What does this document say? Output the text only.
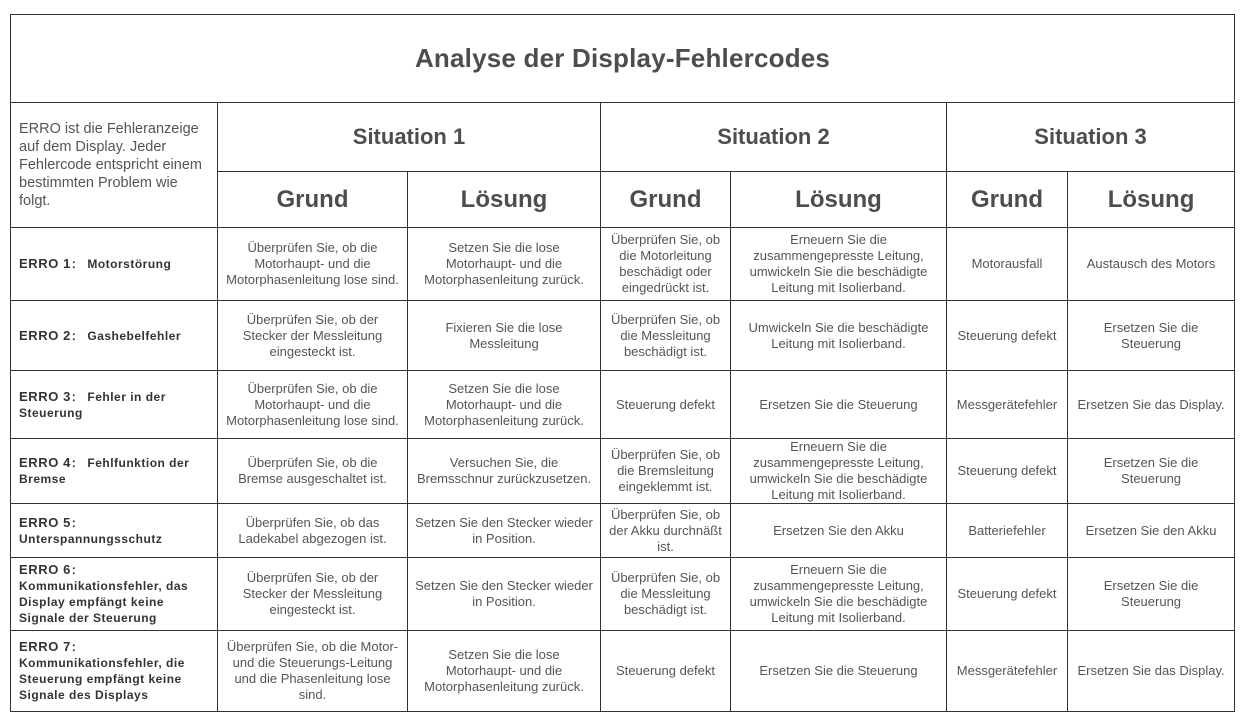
Analyse der Display-Fehlercodes						
ERRO ist die Fehleranzeige auf dem Display. Jeder Fehlercode entspricht einem bestimmten Problem wie folgt.	Situation 1		Situation 2		Situation 3	
	Grund	Lösung	Grund	Lösung	Grund	Lösung
ERRO 1： Motorstörung	Überprüfen Sie, ob die Motorhaupt- und die Motorphasenleitung lose sind.	Setzen Sie die lose Motorhaupt- und die Motorphasenleitung zurück.	Überprüfen Sie, ob die Motorleitung beschädigt oder eingedrückt ist.	Erneuern Sie die zusammengepresste Leitung, umwickeln Sie die beschädigte Leitung mit Isolierband.	Motorausfall	Austausch des Motors
ERRO 2： Gashebelfehler	Überprüfen Sie, ob der Stecker der Messleitung eingesteckt ist.	Fixieren Sie die lose Messleitung	Überprüfen Sie, ob die Messleitung beschädigt ist.	Umwickeln Sie die beschädigte Leitung mit Isolierband.	Steuerung defekt	Ersetzen Sie die Steuerung
ERRO 3： Fehler in der Steuerung	Überprüfen Sie, ob die Motorhaupt- und die Motorphasenleitung lose sind.	Setzen Sie die lose Motorhaupt- und die Motorphasenleitung zurück.	Steuerung defekt	Ersetzen Sie die Steuerung	Messgerätefehler	Ersetzen Sie das Display.
ERRO 4： Fehlfunktion der Bremse	Überprüfen Sie, ob die Bremse ausgeschaltet ist.	Versuchen Sie, die Bremsschnur zurückzusetzen.	Überprüfen Sie, ob die Bremsleitung eingeklemmt ist.	Erneuern Sie die zusammengepresste Leitung, umwickeln Sie die beschädigte Leitung mit Isolierband.	Steuerung defekt	Ersetzen Sie die Steuerung
ERRO 5： Unterspannungsschutz	Überprüfen Sie, ob das Ladekabel abgezogen ist.	Setzen Sie den Stecker wieder in Position.	Überprüfen Sie, ob der Akku durchnäßt ist.	Ersetzen Sie den Akku	Batteriefehler	Ersetzen Sie den Akku
ERRO 6： Kommunikationsfehler, das Display empfängt keine Signale der Steuerung	Überprüfen Sie, ob der Stecker der Messleitung eingesteckt ist.	Setzen Sie den Stecker wieder in Position.	Überprüfen Sie, ob die Messleitung beschädigt ist.	Erneuern Sie die zusammengepresste Leitung, umwickeln Sie die beschädigte Leitung mit Isolierband.	Steuerung defekt	Ersetzen Sie die Steuerung
ERRO 7： Kommunikationsfehler, die Steuerung empfängt keine Signale des Displays	Überprüfen Sie, ob die Motor- und die Steuerungs-Leitung und die Phasenleitung lose sind.	Setzen Sie die lose Motorhaupt- und die Motorphasenleitung zurück.	Steuerung defekt	Ersetzen Sie die Steuerung	Messgerätefehler	Ersetzen Sie das Display.
